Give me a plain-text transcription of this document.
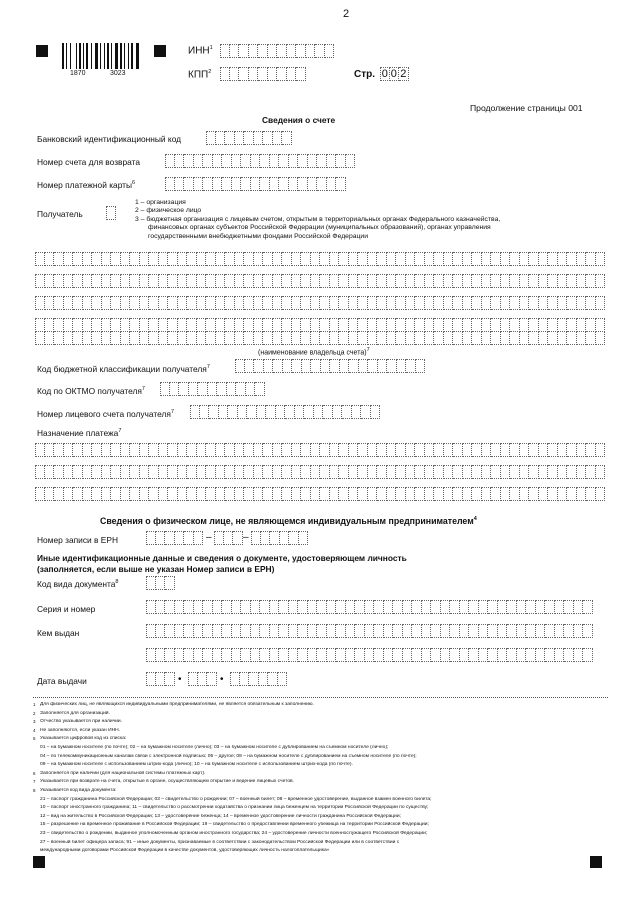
2
1870	3023
ИНН$^1$
КПП$^2$	Стр. 0 0 2
Продолжение страницы 001
Сведения о счете
Банковский идентификационный код
Номер счета для возврата
Номер платежной карты$^6$
Получатель
1 – организация
2 – физическое лицо
3 – бюджетная организация с лицевым счетом, открытым в территориальных органах Федерального казначейства,
финансовых органах субъектов Российской Федерации (муниципальных образований), органах управления
государственными внебюджетными фондами Российской Федерации
(наименование владельца счета)$^7$
Код бюджетной классификации получателя$^7$
Код по ОКТМО получателя$^7$
Номер лицевого счета получателя$^7$
Назначение платежа$^7$
Сведения о физическом лице, не являющемся индивидуальным предпринимателем$^4$
Номер записи в ЕРН	–	–
Иные идентификационные данные и сведения о документе, удостоверяющем личность
(заполняется, если выше не указан Номер записи в ЕРН)
Код вида документа$^8$
Серия и номер
Кем выдан
Дата выдачи	•	•
1 Для физических лиц, не являющихся индивидуальными предпринимателями, не является обязательным к заполнению.
2 Заполняется для организаций.
3 Отчество указывается при наличии.
4 Не заполняются, если указан ИНН.
5 Указывается цифровой код из списка:
01 – на бумажном носителе (по почте); 02 – на бумажном носителе (лично); 03 – на бумажном носителе с дублированием на съемном носителе (лично);
04 – по телекоммуникационным каналам связи с электронной подписью; 05 – другое; 08 – на бумажном носителе с дублированием на съемном носителе (по почте);
09 – на бумажном носителе с использованием штрих-кода (лично); 10 – на бумажном носителе с использованием штрих-кода (по почте).
6 Заполняется при наличии (для национальной системы платежных карт).
7 Указывается при возврате на счета, открытые в органе, осуществляющем открытие и ведение лицевых счетов.
8 Указывается код вида документа:
21 – паспорт гражданина Российской Федерации; 03 – свидетельство о рождении; 07 – военный билет; 08 – временное удостоверение, выданное взамен военного билета;
10 – паспорт иностранного гражданина; 11 – свидетельство о рассмотрении ходатайства о признании лица беженцем на территории Российской Федерации по существу;
12 – вид на жительство в Российской Федерации; 13 – удостоверение беженца; 14 – временное удостоверение личности гражданина Российской Федерации;
15 – разрешение на временное проживание в Российской Федерации; 19 – свидетельство о предоставлении временного убежища на территории Российской Федерации;
23 – свидетельство о рождении, выданное уполномоченным органом иностранного государства; 24 – удостоверение личности военнослужащего Российской Федерации;
27 – военный билет офицера запаса; 91 – иные документы, признаваемые в соответствии с законодательством Российской Федерации или в соответствии с
международными договорами Российской Федерации в качестве документов, удостоверяющих личность налогоплательщика»
